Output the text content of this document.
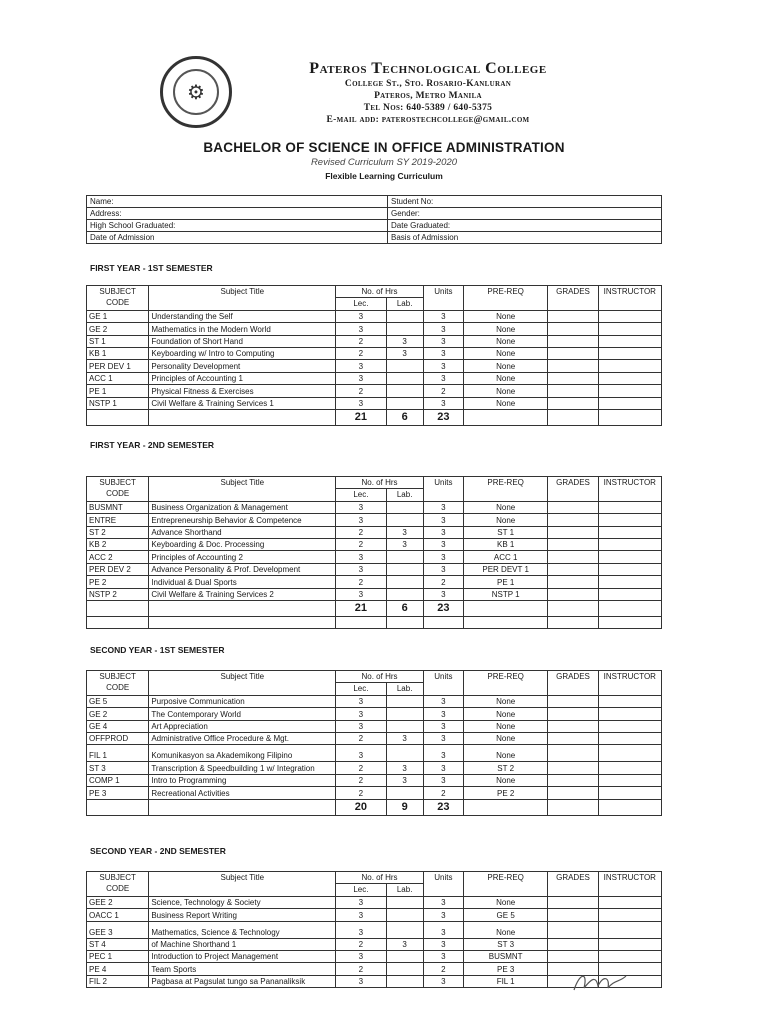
⚙
Pateros Technological College
College St., Sto. Rosario-Kanluran
Pateros, Metro Manila
Tel Nos: 640-5389 / 640-5375
E-mail add: paterostechcollege@gmail.com
BACHELOR OF SCIENCE IN OFFICE ADMINISTRATION
Revised Curriculum SY 2019-2020
Flexible Learning Curriculum
Name:	Student No:
Address:	Gender:
High School Graduated:	Date Graduated:
Date of Admission	Basis of Admission
FIRST YEAR - 1ST SEMESTER
FIRST YEAR - 2ND SEMESTER
SECOND YEAR - 1ST SEMESTER
SECOND YEAR - 2ND SEMESTER
SUBJECT CODE	Subject Title	No. of Hrs		Units	PRE-REQ	GRADES	INSTRUCTOR
		Lec.	Lab.				
GE 1	Understanding the Self	3		3	None		
GE 2	Mathematics in the Modern World	3		3	None		
ST 1	Foundation of Short Hand	2	3	3	None		
KB 1	Keyboarding w/ Intro to Computing	2	3	3	None		
PER DEV 1	Personality Development	3		3	None		
ACC 1	Principles of Accounting 1	3		3	None		
PE 1	Physical Fitness & Exercises	2		2	None		
NSTP 1	Civil Welfare & Training Services 1	3		3	None		
		21	6	23			
SUBJECT CODE	Subject Title	No. of Hrs		Units	PRE-REQ	GRADES	INSTRUCTOR
		Lec.	Lab.				
BUSMNT	Business Organization & Management	3		3	None		
ENTRE	Entrepreneurship Behavior & Competence	3		3	None		
ST 2	Advance Shorthand	2	3	3	ST 1		
KB 2	Keyboarding & Doc. Processing	2	3	3	KB 1		
ACC 2	Principles of Accounting 2	3		3	ACC 1		
PER DEV 2	Advance Personality & Prof. Development	3		3	PER DEVT 1		
PE 2	Individual & Dual Sports	2		2	PE 1		
NSTP 2	Civil Welfare & Training Services 2	3		3	NSTP 1		
		21	6	23			

SUBJECT CODE	Subject Title	No. of Hrs		Units	PRE-REQ	GRADES	INSTRUCTOR
		Lec.	Lab.				
GE 5	Purposive Communication	3		3	None		
GE 2	The Contemporary World	3		3	None		
GE 4	Art Appreciation	3		3	None		
OFFPROD	Administrative Office Procedure & Mgt.	2	3	3	None		
FIL 1	Komunikasyon sa Akademikong Filipino	3		3	None		
ST 3	Transcription & Speedbuilding 1 w/ Integration	2	3	3	ST 2		
COMP 1	Intro to Programming	2	3	3	None		
PE 3	Recreational Activities	2		2	PE 2		
		20	9	23			
SUBJECT CODE	Subject Title	No. of Hrs		Units	PRE-REQ	GRADES	INSTRUCTOR
		Lec.	Lab.				
GEE 2	Science, Technology & Society	3		3	None		
OACC 1	Business Report Writing	3		3	GE 5		
GEE 3	Mathematics, Science & Technology	3		3	None		
ST 4	of Machine Shorthand 1	2	3	3	ST 3		
PEC 1	Introduction to Project Management	3		3	BUSMNT		
PE 4	Team Sports	2		2	PE 3		
FIL 2	Pagbasa at Pagsulat tungo sa Pananaliksik	3		3	FIL 1		
